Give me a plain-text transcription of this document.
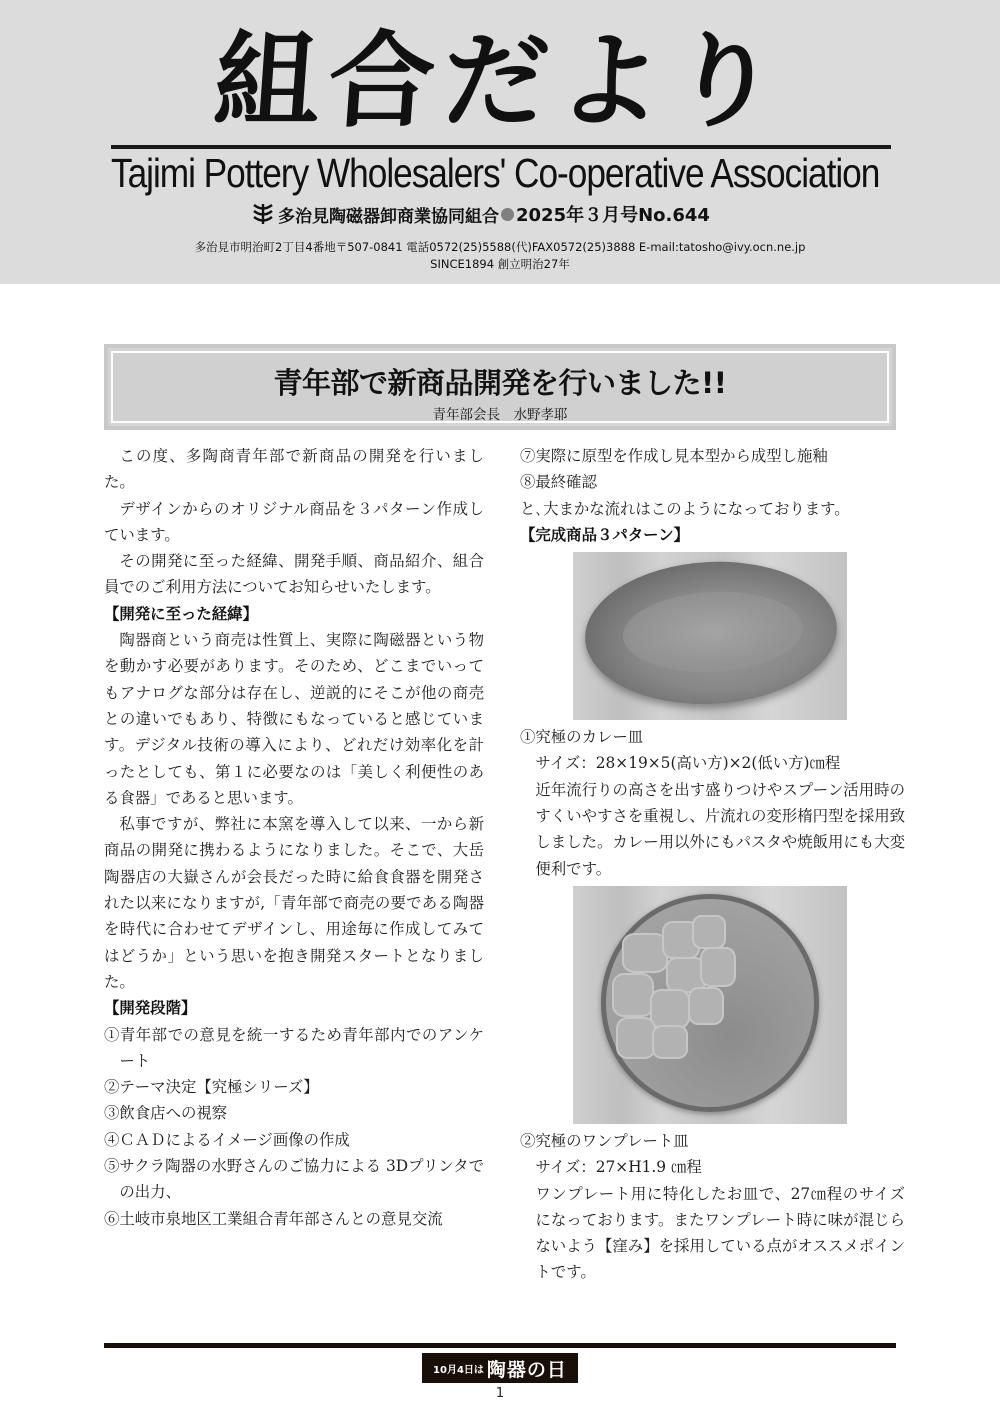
組合だより
Tajimi Pottery Wholesalers' Co-operative Association
多治見陶磁器卸商業協同組合 2025年３月号No.644
多治見市明治町2丁目4番地〒507-0841 電話0572(25)5588(代)FAX0572(25)3888 E-mail:tatosho@ivy.ocn.ne.jp
SINCE1894 創立明治27年
青年部で新商品開発を行いました!!
青年部会長　水野孝耶

この度、多陶商青年部で新商品の開発を行いました。

デザインからのオリジナル商品を３パターン作成しています。

その開発に至った経緯、開発手順、商品紹介、組合員でのご利用方法についてお知らせいたします。

【開発に至った経緯】

陶器商という商売は性質上、実際に陶磁器という物を動かす必要があります。そのため、どこまでいってもアナログな部分は存在し、逆説的にそこが他の商売との違いでもあり、特徴にもなっていると感じています。デジタル技術の導入により、どれだけ効率化を計ったとしても、第１に必要なのは「美しく利便性のある食器」であると思います。

私事ですが、弊社に本窯を導入して以来、一から新商品の開発に携わるようになりました。そこで、大岳陶器店の大嶽さんが会長だった時に給食食器を開発された以来になりますが,「青年部で商売の要である陶器を時代に合わせてデザインし、用途毎に作成してみてはどうか」という思いを抱き開発スタートとなりました。

【開発段階】

①青年部での意見を統一するため青年部内でのアンケート

②テーマ決定【究極シリーズ】

③飲食店への視察

④ＣＡＤによるイメージ画像の作成

⑤サクラ陶器の水野さんのご協力による 3Dプリンタでの出力、

⑥土岐市泉地区工業組合青年部さんとの意見交流

⑦実際に原型を作成し見本型から成型し施釉

⑧最終確認

と､大まかな流れはこのようになっております。

【完成商品３パターン】

①究極のカレー皿

サイズ：28×19×5(高い方)×2(低い方)㎝程

近年流行りの高さを出す盛りつけやスプーン活用時のすくいやすさを重視し、片流れの変形楕円型を採用致しました。カレー用以外にもパスタや焼飯用にも大変便利です。

②究極のワンプレート皿

サイズ：27×H1.9 ㎝程

ワンプレート用に特化したお皿で、27㎝程のサイズになっております。またワンプレート時に味が混じらないよう【窪み】を採用している点がオススメポイントです。

10月4日は 陶器の日
1
